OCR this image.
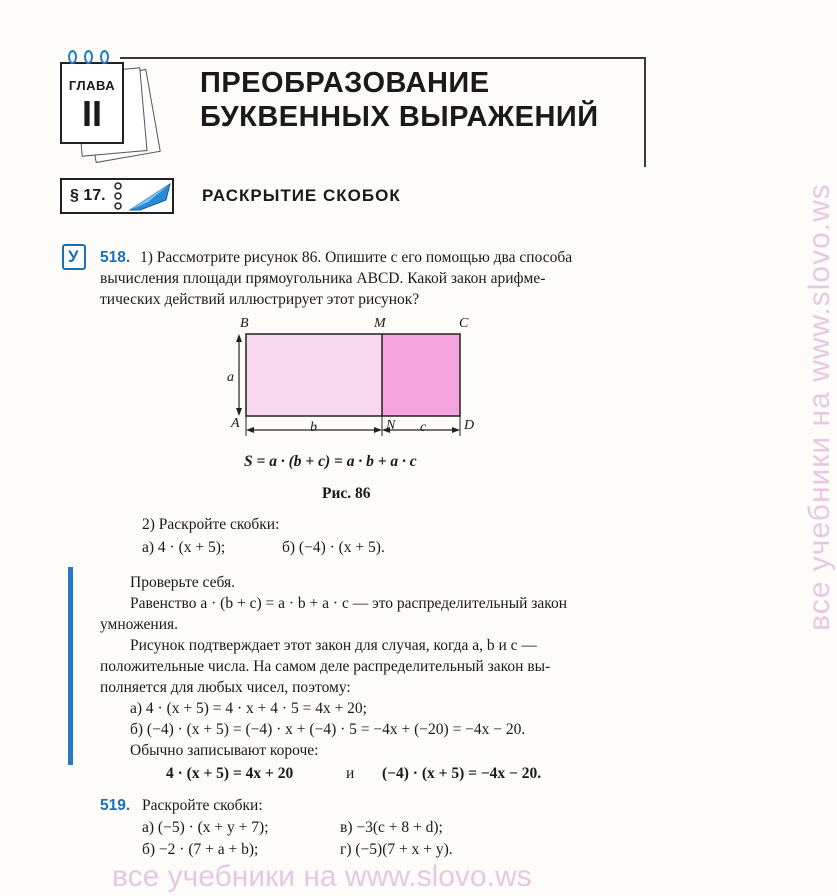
ГЛАВА
II
ПРЕОБРАЗОВАНИЕ
БУКВЕННЫХ ВЫРАЖЕНИЙ
§ 17.	РАСКРЫТИЕ СКОБОК
У 518. 1) Рассмотрите рисунок 86. Опишите с его помощью два способа
вычисления площади прямоугольника ABCD. Какой закон арифме-
тических действий иллюстрирует этот рисунок?
B	M	C
A	N	D
a
b	c
S = a · (b + c) = a · b + a · c
Рис. 86
2) Раскройте скобки:
а) 4 · (x + 5);	б) (−4) · (x + 5).
Проверьте себя.
Равенство a · (b + c) = a · b + a · c — это распределительный закон
умножения.
Рисунок подтверждает этот закон для случая, когда a, b и c —
положительные числа. На самом деле распределительный закон вы-
полняется для любых чисел, поэтому:
а) 4 · (x + 5) = 4 · x + 4 · 5 = 4x + 20;
б) (−4) · (x + 5) = (−4) · x + (−4) · 5 = −4x + (−20) = −4x − 20.
Обычно записывают короче:
4 · (x + 5) = 4x + 20	и (−4) · (x + 5) = −4x − 20.
519. Раскройте скобки:
а) (−5) · (x + y + 7);	в) −3(c + 8 + d);
б) −2 · (7 + a + b);	г) (−5)(7 + x + y).
все учебники на www.slovo.ws
все учебники на www.slovo.ws
